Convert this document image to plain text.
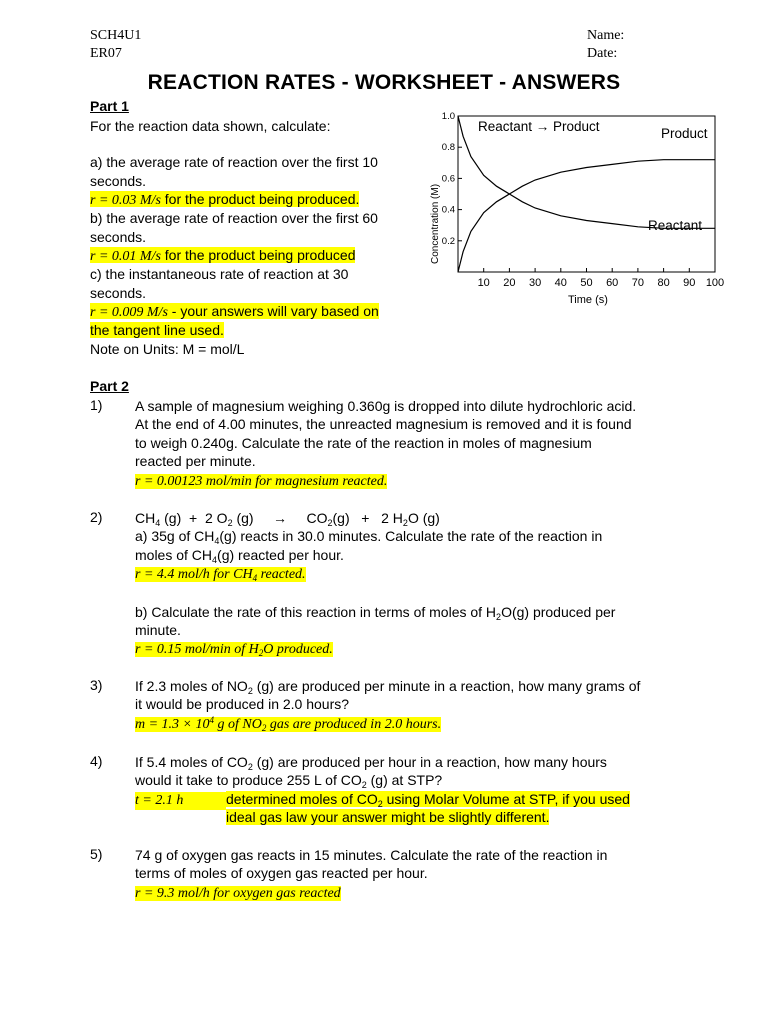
SCH4U1
ER07
Name:
Date:
REACTION RATES - WORKSHEET - ANSWERS
Part 1
For the reaction data shown, calculate:
a) the average rate of reaction over the first 10
seconds.
r = 0.03 M/s for the product being produced.
b) the average rate of reaction over the first 60
seconds.
r = 0.01 M/s for the product being produced
c) the instantaneous rate of reaction at 30
seconds.
r = 0.009 M/s - your answers will vary based on
the tangent line used.
Note on Units: M = mol/L
0.2
0.4
0.6
0.8
1.0
10 20 30 40 50 60 70 80 90 100
Reactant → Product	Product
Reactant
Time (s)
Concentration (M)
Part 2
1) A sample of magnesium weighing 0.360g is dropped into dilute hydrochloric acid.
At the end of 4.00 minutes, the unreacted magnesium is removed and it is found
to weigh 0.240g. Calculate the rate of the reaction in moles of magnesium
reacted per minute.
r = 0.00123 mol/min for magnesium reacted.
2) $CH_4$ (g)  +  2 $O_2$ (g)     →     $CO_2(g) + 2$ $H_2O$ (g)
a) 35g of $CH_4(g)$ reacts in 30.0 minutes. Calculate the rate of the reaction in
moles of $CH_4(g)$ reacted per hour.
r = 4.4 mol/h for $CH_4$ reacted.
b) Calculate the rate of this reaction in terms of moles of $H_2O(g)$ produced per
minute.
r = 0.15 mol/min of $H_2O$ produced.
3) If 2.3 moles of $NO_2$ (g) are produced per minute in a reaction, how many grams of
it would be produced in 2.0 hours?
$m = 1.3 \times 10^4$ g of $NO_2$ gas are produced in 2.0 hours.
4) If 5.4 moles of $CO_2$ (g) are produced per hour in a reaction, how many hours
would it take to produce 255 L of $CO_2$ (g) at STP?
t = 2.1 h	determined moles of $CO_2$ using Molar Volume at STP, if you used
ideal gas law your answer might be slightly different.
5) 74 g of oxygen gas reacts in 15 minutes. Calculate the rate of the reaction in
terms of moles of oxygen gas reacted per hour.
r = 9.3 mol/h for oxygen gas reacted
